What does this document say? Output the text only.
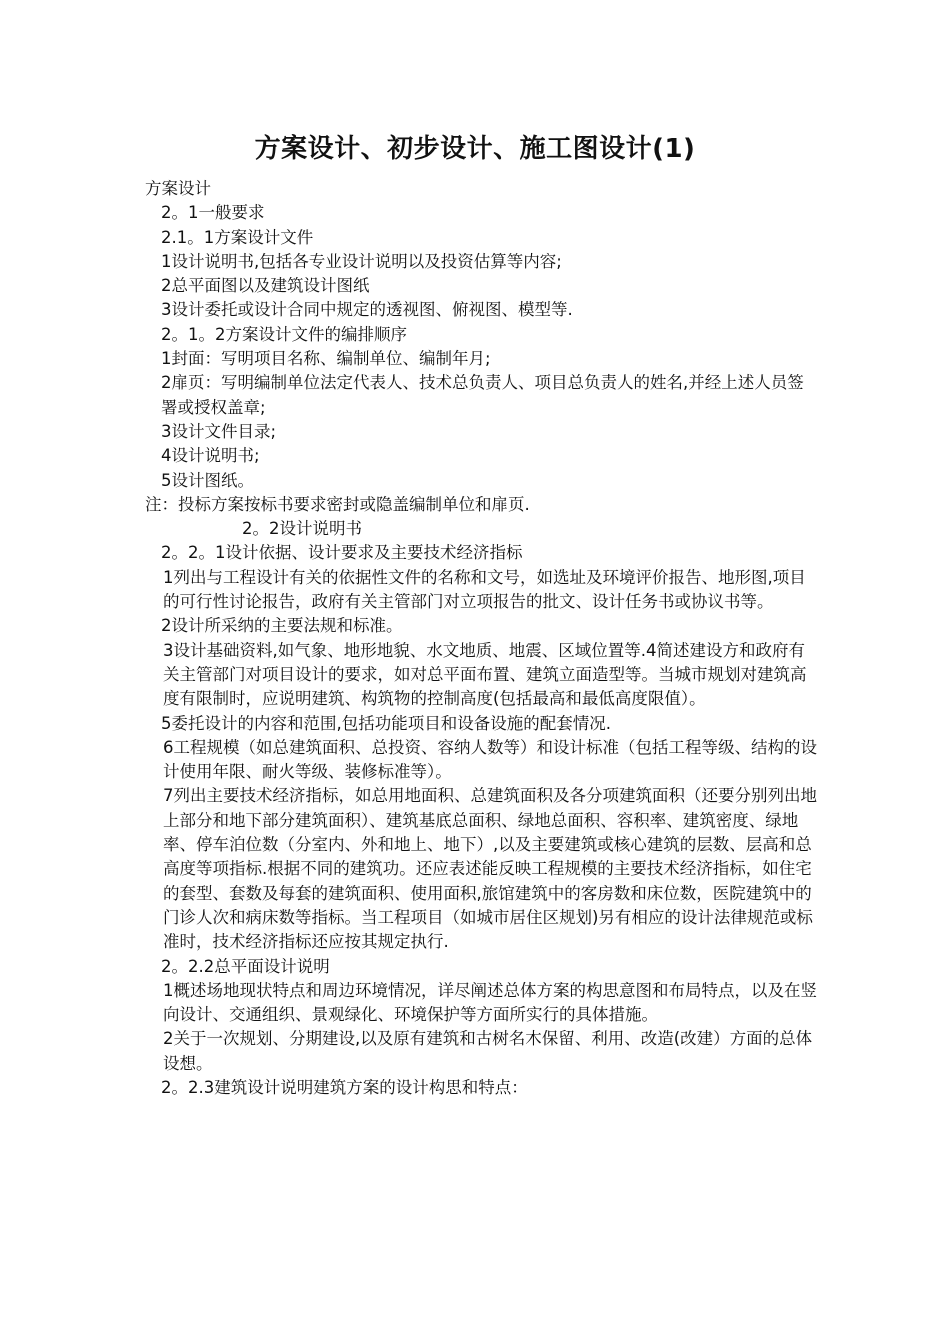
方案设计、初步设计、施工图设计(1)

方案设计

2。1一般要求

2.1。1方案设计文件

1设计说明书,包括各专业设计说明以及投资估算等内容;

2总平面图以及建筑设计图纸

3设计委托或设计合同中规定的透视图、俯视图、模型等.

2。1。2方案设计文件的编排顺序

1封面：写明项目名称、编制单位、编制年月;

2扉页：写明编制单位法定代表人、技术总负责人、项目总负责人的姓名,并经上述人员签署或授权盖章;

3设计文件目录;

4设计说明书;

5设计图纸。

注：投标方案按标书要求密封或隐盖编制单位和扉页.

2。2设计说明书

2。2。1设计依据、设计要求及主要技术经济指标

1列出与工程设计有关的依据性文件的名称和文号，如选址及环境评价报告、地形图,项目的可行性讨论报告，政府有关主管部门对立项报告的批文、设计任务书或协议书等。

2设计所采纳的主要法规和标准。

3设计基础资料,如气象、地形地貌、水文地质、地震、区域位置等.4简述建设方和政府有关主管部门对项目设计的要求，如对总平面布置、建筑立面造型等。当城市规划对建筑高度有限制时，应说明建筑、构筑物的控制高度(包括最高和最低高度限值）。

5委托设计的内容和范围,包括功能项目和设备设施的配套情况.

6工程规模（如总建筑面积、总投资、容纳人数等）和设计标准（包括工程等级、结构的设计使用年限、耐火等级、装修标准等）。

7列出主要技术经济指标，如总用地面积、总建筑面积及各分项建筑面积（还要分别列出地上部分和地下部分建筑面积）、建筑基底总面积、绿地总面积、容积率、建筑密度、绿地率、停车泊位数（分室内、外和地上、地下）,以及主要建筑或核心建筑的层数、层高和总高度等项指标.根据不同的建筑功。还应表述能反映工程规模的主要技术经济指标，如住宅的套型、套数及每套的建筑面积、使用面积,旅馆建筑中的客房数和床位数，医院建筑中的门诊人次和病床数等指标。当工程项目（如城市居住区规划)另有相应的设计法律规范或标准时，技术经济指标还应按其规定执行.

2。2.2总平面设计说明

1概述场地现状特点和周边环境情况，详尽阐述总体方案的构思意图和布局特点，以及在竖向设计、交通组织、景观绿化、环境保护等方面所实行的具体措施。

2关于一次规划、分期建设,以及原有建筑和古树名木保留、利用、改造(改建）方面的总体设想。

2。2.3建筑设计说明建筑方案的设计构思和特点：
